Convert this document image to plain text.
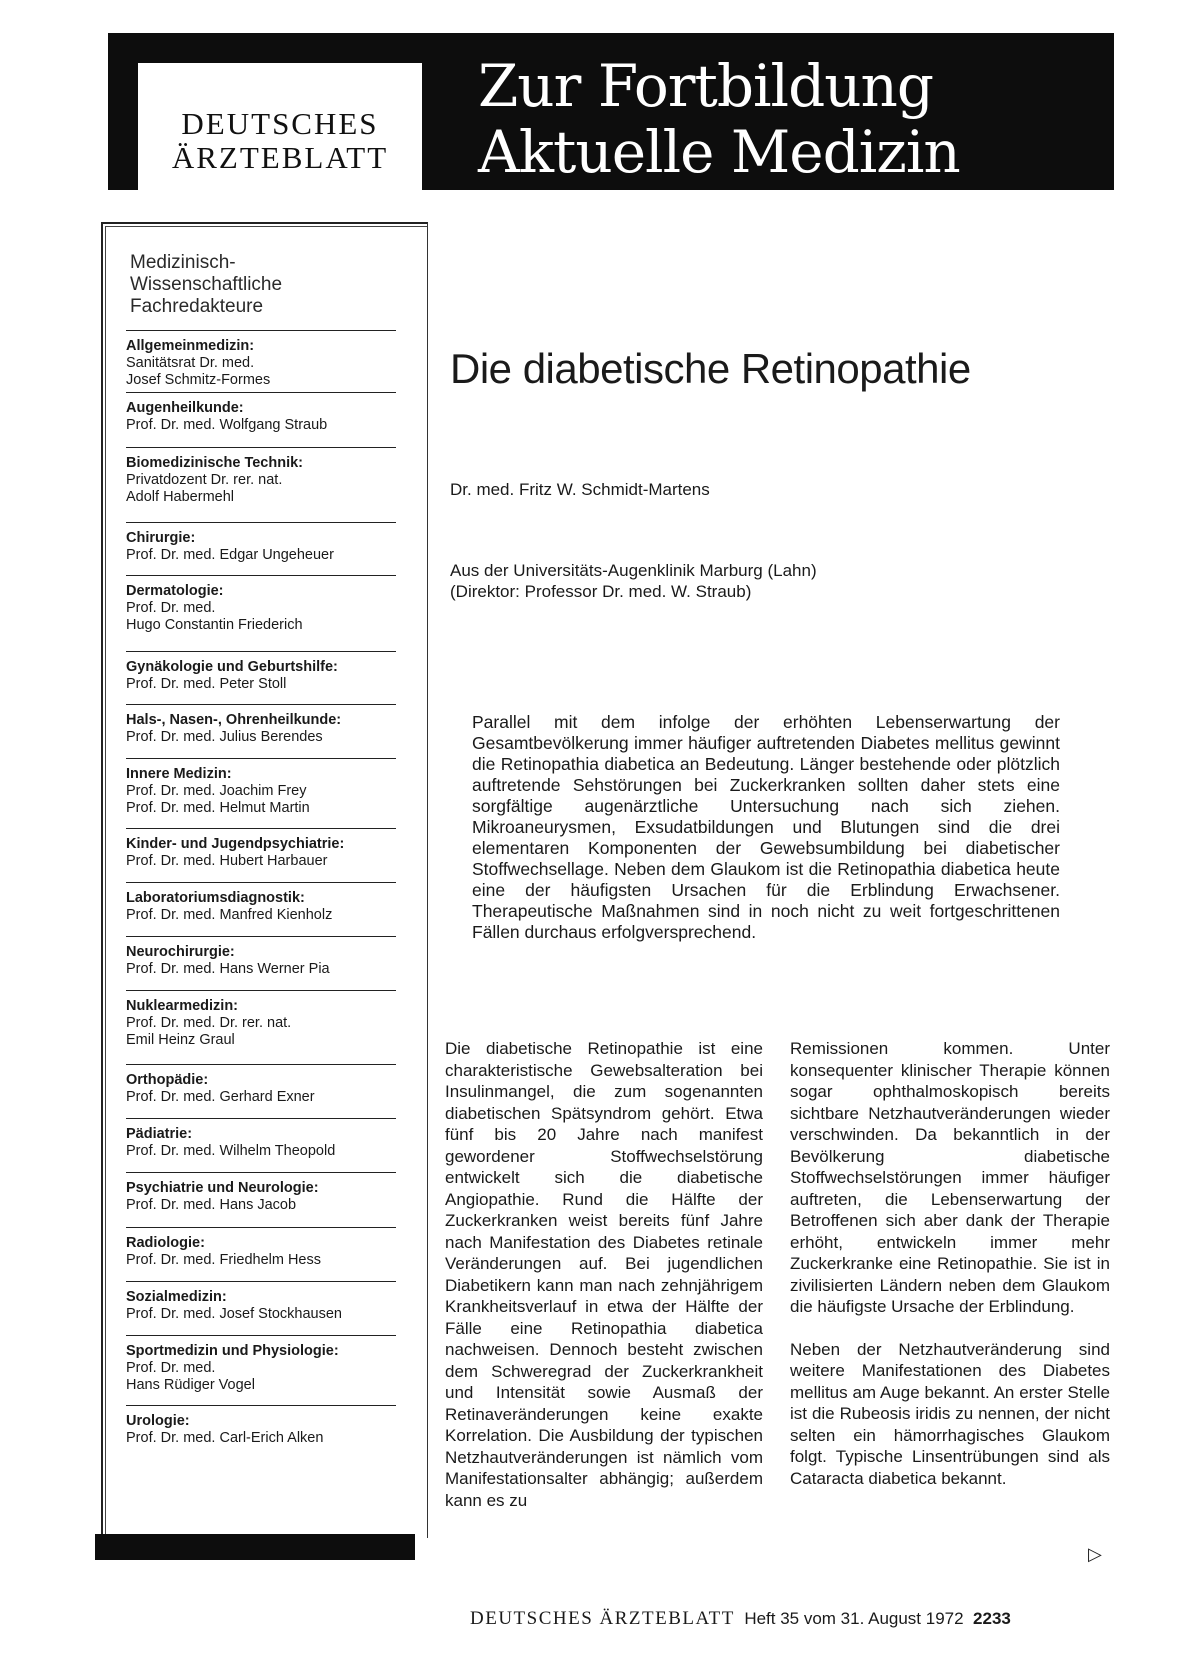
DEUTSCHES
ÄRZTEBLATT
Zur Fortbildung
Aktuelle Medizin
Medizinisch-
Wissenschaftliche
Fachredakteure
Allgemeinmedizin:
Sanitätsrat Dr. med.
Josef Schmitz-Formes
Augenheilkunde:
Prof. Dr. med. Wolfgang Straub
Biomedizinische Technik:
Privatdozent Dr. rer. nat.
Adolf Habermehl
Chirurgie:
Prof. Dr. med. Edgar Ungeheuer
Dermatologie:
Prof. Dr. med.
Hugo Constantin Friederich
Gynäkologie und Geburtshilfe:
Prof. Dr. med. Peter Stoll
Hals-, Nasen-, Ohrenheilkunde:
Prof. Dr. med. Julius Berendes
Innere Medizin:
Prof. Dr. med. Joachim Frey
Prof. Dr. med. Helmut Martin
Kinder- und Jugendpsychiatrie:
Prof. Dr. med. Hubert Harbauer
Laboratoriumsdiagnostik:
Prof. Dr. med. Manfred Kienholz
Neurochirurgie:
Prof. Dr. med. Hans Werner Pia
Nuklearmedizin:
Prof. Dr. med. Dr. rer. nat.
Emil Heinz Graul
Orthopädie:
Prof. Dr. med. Gerhard Exner
Pädiatrie:
Prof. Dr. med. Wilhelm Theopold
Psychiatrie und Neurologie:
Prof. Dr. med. Hans Jacob
Radiologie:
Prof. Dr. med. Friedhelm Hess
Sozialmedizin:
Prof. Dr. med. Josef Stockhausen
Sportmedizin und Physiologie:
Prof. Dr. med.
Hans Rüdiger Vogel
Urologie:
Prof. Dr. med. Carl-Erich Alken
Die diabetische Retinopathie
Dr. med. Fritz W. Schmidt-Martens
Aus der Universitäts-Augenklinik Marburg (Lahn)
(Direktor: Professor Dr. med. W. Straub)
Parallel mit dem infolge der erhöhten Lebenserwartung der Gesamtbevölkerung immer häufiger auftretenden Diabetes mellitus gewinnt die Retinopathia diabetica an Bedeutung. Länger bestehende oder plötzlich auftretende Sehstörungen bei Zuckerkranken sollten daher stets eine sorgfältige augenärztliche Untersuchung nach sich ziehen. Mikroaneurysmen, Exsudatbildungen und Blutungen sind die drei elementaren Komponenten der Gewebsumbildung bei diabetischer Stoffwechsellage. Neben dem Glaukom ist die Retinopathia diabetica heute eine der häufigsten Ursachen für die Erblindung Erwachsener. Therapeutische Maßnahmen sind in noch nicht zu weit fortgeschrittenen Fällen durchaus erfolgversprechend.

Die diabetische Retinopathie ist eine charakteristische Gewebsalteration bei Insulinmangel, die zum sogenannten diabetischen Spätsyndrom gehört. Etwa fünf bis 20 Jahre nach manifest gewordener Stoffwechselstörung entwickelt sich die diabetische Angiopathie. Rund die Hälfte der Zuckerkranken weist bereits fünf Jahre nach Manifestation des Diabetes retinale Veränderungen auf. Bei jugendlichen Diabetikern kann man nach zehnjährigem Krankheitsverlauf in etwa der Hälfte der Fälle eine Retinopathia diabetica nachweisen. Dennoch besteht zwischen dem Schweregrad der Zuckerkrankheit und Intensität sowie Ausmaß der Retinaveränderungen keine exakte Korrelation. Die Ausbildung der typischen Netzhautveränderungen ist nämlich vom Manifestationsalter abhängig; außerdem kann es zu

Remissionen kommen. Unter konsequenter klinischer Therapie können sogar ophthalmoskopisch bereits sichtbare Netzhautveränderungen wieder verschwinden. Da bekanntlich in der Bevölkerung diabetische Stoffwechselstörungen immer häufiger auftreten, die Lebenserwartung der Betroffenen sich aber dank der Therapie erhöht, entwickeln immer mehr Zuckerkranke eine Retinopathie. Sie ist in zivilisierten Ländern neben dem Glaukom die häufigste Ursache der Erblindung.

Neben der Netzhautveränderung sind weitere Manifestationen des Diabetes mellitus am Auge bekannt. An erster Stelle ist die Rubeosis iridis zu nennen, der nicht selten ein hämorrhagisches Glaukom folgt. Typische Linsentrübungen sind als Cataracta diabetica bekannt.

▷
DEUTSCHES ÄRZTEBLATT Heft 35 vom 31. August 1972 2233
